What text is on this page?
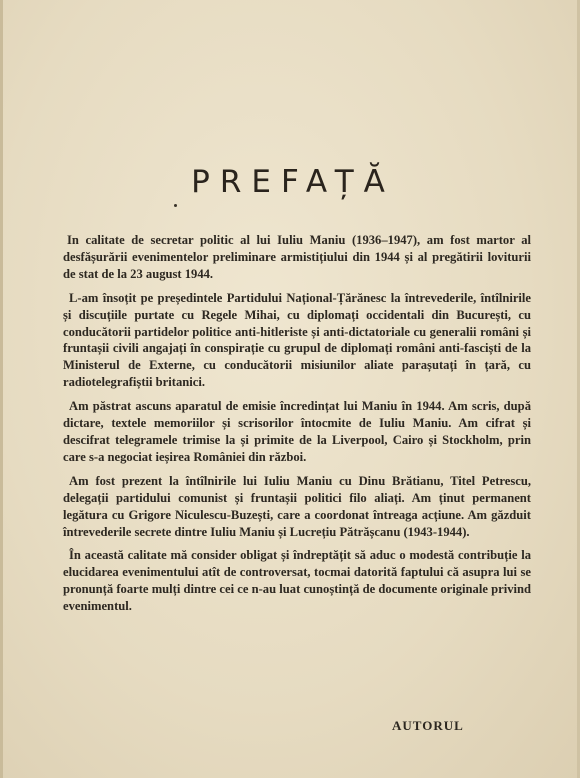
PREFAȚĂ

In calitate de secretar politic al lui Iuliu Maniu (1936–1947), am fost martor al desfășurării evenimentelor preliminare armistițiului din 1944 și al pregătirii loviturii de stat de la 23 august 1944.

L-am însoțit pe președintele Partidului Național-Țărănesc la întrevederile, întîlnirile și discuțiile purtate cu Regele Mihai, cu diplomați occidentali din București, cu conducătorii partidelor politice anti-hitleriste și anti-dictatoriale cu generalii români și fruntașii civili angajați în conspirație cu grupul de diplomați români anti-fasciști de la Ministerul de Externe, cu conducătorii misiunilor aliate parașutați în țară, cu radiotelegrafiștii britanici.

Am păstrat ascuns aparatul de emisie încredințat lui Maniu în 1944. Am scris, după dictare, textele memoriilor și scrisorilor întocmite de Iuliu Maniu. Am cifrat și descifrat telegramele trimise la și primite de la Liverpool, Cairo și Stockholm, prin care s-a negociat ieșirea României din război.

Am fost prezent la întîlnirile lui Iuliu Maniu cu Dinu Brătianu, Titel Petrescu, delegații partidului comunist și fruntașii politici filo aliați. Am ținut permanent legătura cu Grigore Niculescu-Buzești, care a coordonat întreaga acțiune. Am găzduit întrevederile secrete dintre Iuliu Maniu și Lucrețiu Pătrășcanu (1943-1944).

În această calitate mă consider obligat și îndreptățit să aduc o modestă contribuție la elucidarea evenimentului atît de controversat, tocmai datorită faptului că asupra lui se pronunță foarte mulți dintre cei ce n-au luat cunoștință de documente originale privind evenimentul.

AUTORUL
